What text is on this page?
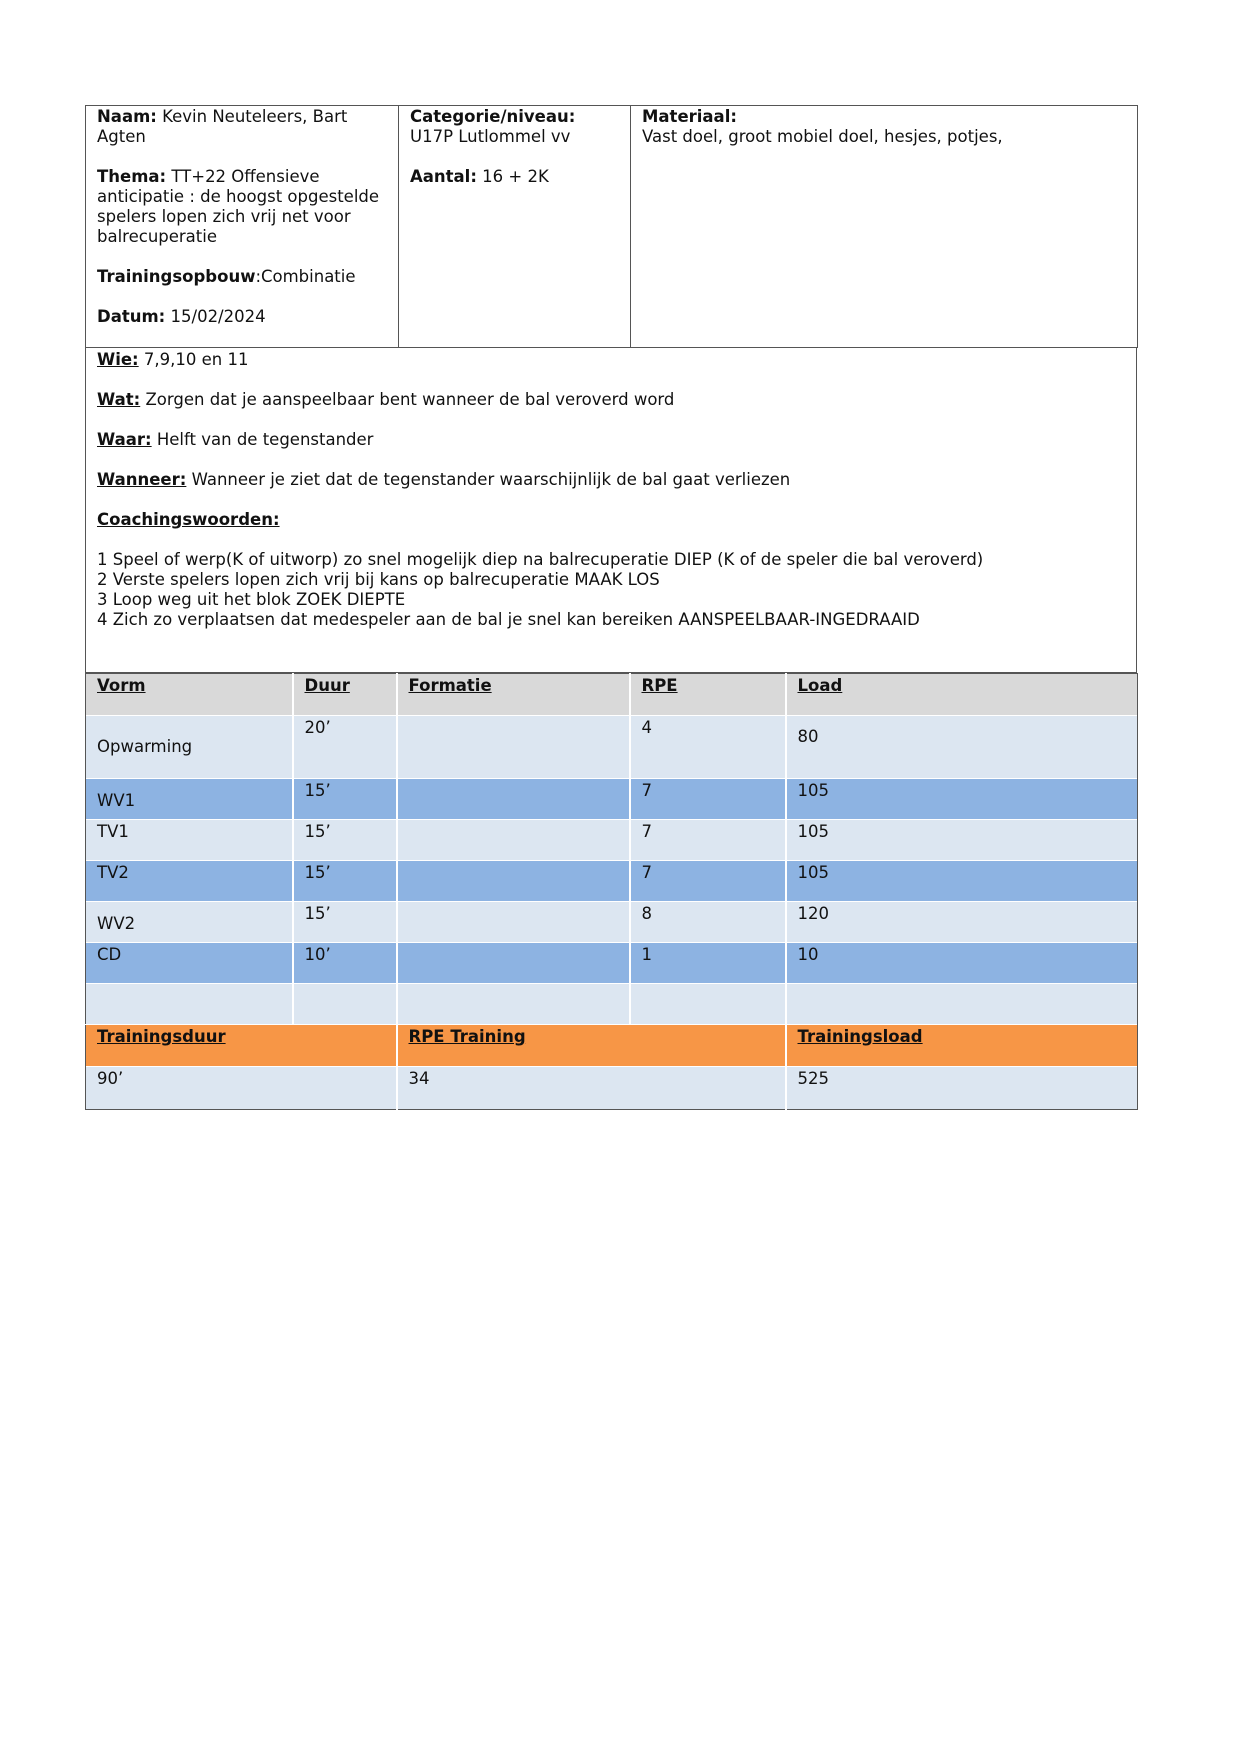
Naam: Kevin Neuteleers, Bart
Agten
Thema: TT+22 Offensieve
anticipatie : de hoogst opgestelde
spelers lopen zich vrij net voor
balrecuperatie
Trainingsopbouw:Combinatie
Datum: 15/02/2024

Categorie/niveau:
U17P Lutlommel vv
Aantal: 16 + 2K

Materiaal:
Vast doel, groot mobiel doel, hesjes, potjes,
Wie: 7,9,10 en 11
Wat: Zorgen dat je aanspeelbaar bent wanneer de bal veroverd word
Waar: Helft van de tegenstander
Wanneer: Wanneer je ziet dat de tegenstander waarschijnlijk de bal gaat verliezen
Coachingswoorden:
1 Speel of werp(K of uitworp) zo snel mogelijk diep na balrecuperatie DIEP (K of de speler die bal veroverd)
2 Verste spelers lopen zich vrij bij kans op balrecuperatie MAAK LOS
3 Loop weg uit het blok ZOEK DIEPTE
4 Zich zo verplaatsen dat medespeler aan de bal je snel kan bereiken AANSPEELBAAR-INGEDRAAID
Vorm	Duur	Formatie	RPE	Load

Opwarming	20’		4	80

WV1	15’		7	105

TV1	15’		7	105

TV2	15’		7	105

WV2	15’		8	120

CD	10’		1	10

Trainingsduur	RPE Training	Trainingsload
90’	34	525
